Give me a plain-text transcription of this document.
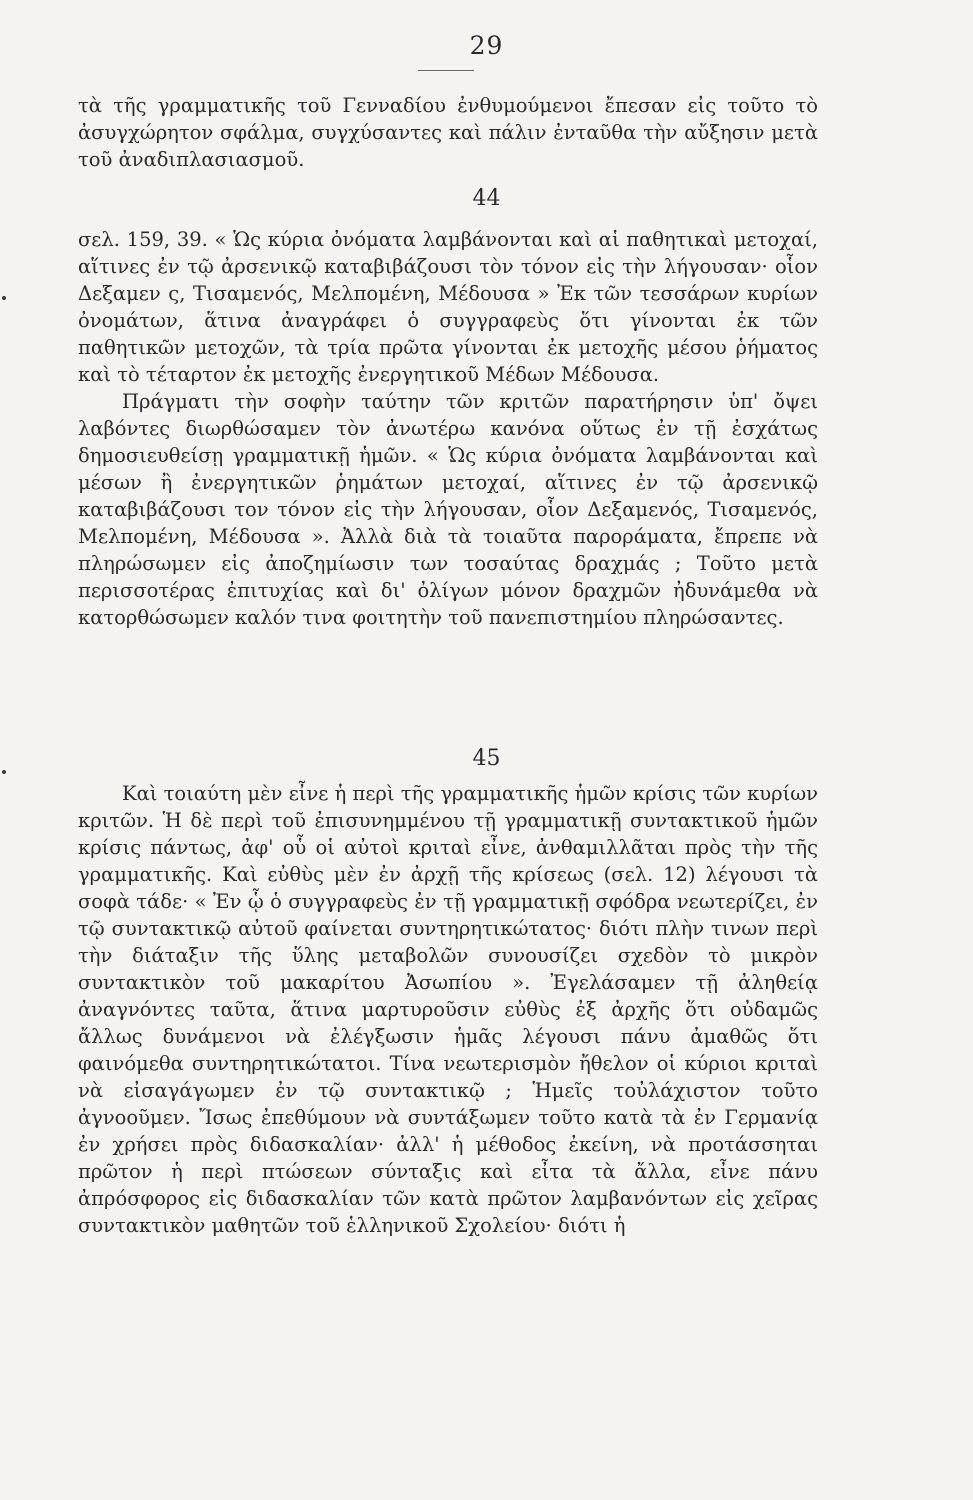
29

τὰ τῆς γραμματικῆς τοῦ Γενναδίου ἐνθυμούμενοι ἔπεσαν εἰς τοῦτο τὸ ἀσυγχώρητον σφάλμα, συγχύσαντες καὶ πάλιν ἐνταῦθα τὴν αὔξησιν μετὰ τοῦ ἀναδιπλασιασμοῦ.

44

σελ. 159, 39. « Ὡς κύρια ὀνόματα λαμβάνονται καὶ αἱ παθητικαὶ μετοχαί, αἵτινες ἐν τῷ ἀρσενικῷ καταβιβάζουσι τὸν τόνον εἰς τὴν λήγουσαν· οἷον Δεξαμεν ς, Τισαμενός, Μελπομένη, Μέδουσα » Ἐκ τῶν τεσσάρων κυρίων ὀνομάτων, ἅτινα ἀναγράφει ὁ συγγραφεὺς ὅτι γίνονται ἐκ τῶν παθητικῶν μετοχῶν, τὰ τρία πρῶτα γίνονται ἐκ μετοχῆς μέσου ῥήματος καὶ τὸ τέταρτον ἐκ μετοχῆς ἐνεργητικοῦ Μέδων Μέδουσα.

Πράγματι τὴν σοφὴν ταύτην τῶν κριτῶν παρατήρησιν ὑπ' ὄψει λαβόντες διωρθώσαμεν τὸν ἀνωτέρω κανόνα οὕτως ἐν τῇ ἐσχάτως δημοσιευθείσῃ γραμματικῇ ἡμῶν. « Ὡς κύρια ὀνόματα λαμβάνονται καὶ μέσων ἢ ἐνεργητικῶν ῥημάτων μετοχαί, αἵτινες ἐν τῷ ἀρσενικῷ καταβιβάζουσι τον τόνον εἰς τὴν λήγουσαν, οἷον Δεξαμενός, Τισαμενός, Μελπομένη, Μέδουσα ». Ἀλλὰ διὰ τὰ τοιαῦτα παροράματα, ἔπρεπε νὰ πληρώσωμεν εἰς ἀποζημίωσιν των τοσαύτας δραχμάς ; Τοῦτο μετὰ περισσοτέρας ἐπιτυχίας καὶ δι' ὀλίγων μόνον δραχμῶν ἠδυνάμεθα νὰ κατορθώσωμεν καλόν τινα φοιτητὴν τοῦ πανεπιστημίου πληρώσαντες.

45

Καὶ τοιαύτη μὲν εἶνε ἡ περὶ τῆς γραμματικῆς ἡμῶν κρίσις τῶν κυρίων κριτῶν. Ἡ δὲ περὶ τοῦ ἐπισυνημμένου τῇ γραμματικῇ συντακτικοῦ ἡμῶν κρίσις πάντως, ἀφ' οὗ οἱ αὐτοὶ κριταὶ εἶνε, ἀνθαμιλλᾶται πρὸς τὴν τῆς γραμματικῆς. Καὶ εὐθὺς μὲν ἐν ἀρχῇ τῆς κρίσεως (σελ. 12) λέγουσι τὰ σοφὰ τάδε· « Ἐν ᾧ ὁ συγγραφεὺς ἐν τῇ γραμματικῇ σφόδρα νεωτερίζει, ἐν τῷ συντακτικῷ αὐτοῦ φαίνεται συντηρητικώτατος· διότι πλὴν τινων περὶ τὴν διάταξιν τῆς ὕλης μεταβολῶν συνουσίζει σχεδὸν τὸ μικρὸν συντακτικὸν τοῦ μακαρίτου Ἀσωπίου ». Ἐγελάσαμεν τῇ ἀληθείᾳ ἀναγνόντες ταῦτα, ἅτινα μαρτυροῦσιν εὐθὺς ἐξ ἀρχῆς ὅτι οὐδαμῶς ἄλλως δυνάμενοι νὰ ἐλέγξωσιν ἡμᾶς λέγουσι πάνυ ἀμαθῶς ὅτι φαινόμεθα συντηρητικώτατοι. Τίνα νεωτερισμὸν ἤθελον οἱ κύριοι κριταὶ νὰ εἰσαγάγωμεν ἐν τῷ συντακτικῷ ; Ἡμεῖς τοὐλάχιστον τοῦτο ἀγνοοῦμεν. Ἴσως ἐπεθύμουν νὰ συντάξωμεν τοῦτο κατὰ τὰ ἐν Γερμανίᾳ ἐν χρήσει πρὸς διδασκαλίαν· ἀλλ' ἡ μέθοδος ἐκείνη, νὰ προτάσσηται πρῶτον ἡ περὶ πτώσεων σύνταξις καὶ εἶτα τὰ ἄλλα, εἶνε πάνυ ἀπρόσφορος εἰς διδασκαλίαν τῶν κατὰ πρῶτον λαμβανόντων εἰς χεῖρας συντακτικὸν μαθητῶν τοῦ ἑλληνικοῦ Σχολείου· διότι ἡ
